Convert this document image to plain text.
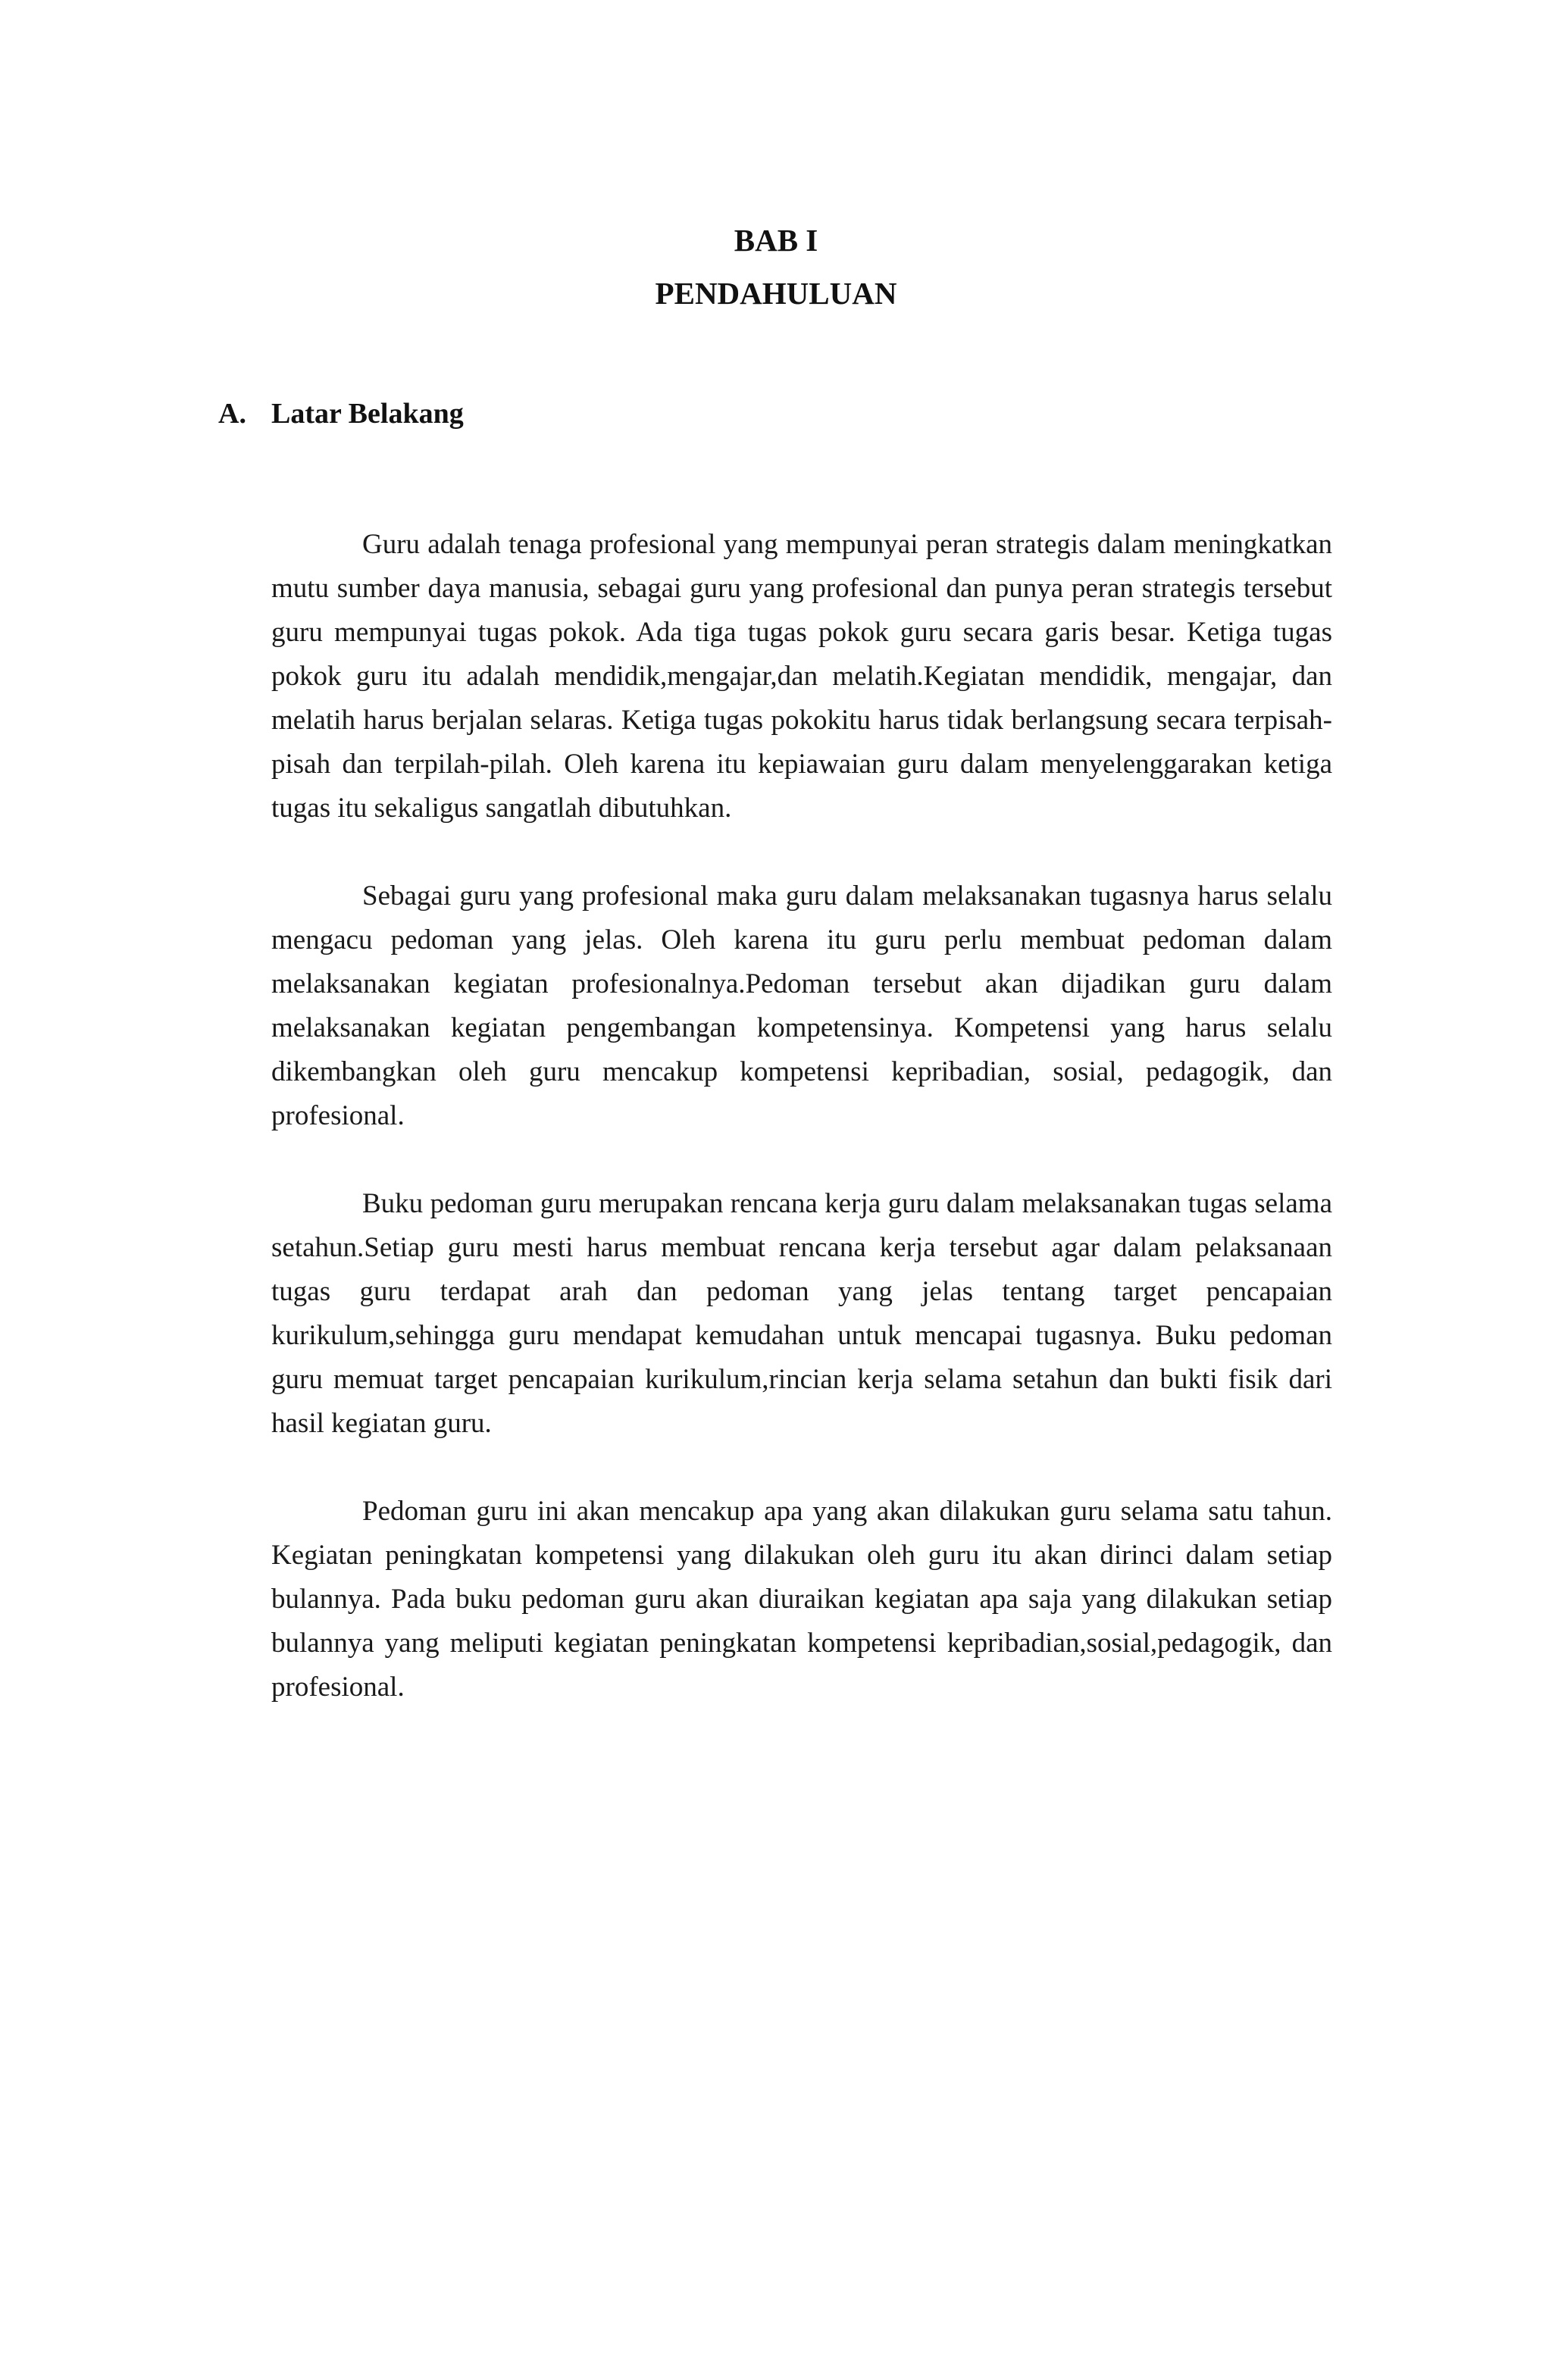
BAB I
PENDAHULUAN
A. Latar Belakang

Guru adalah tenaga profesional yang mempunyai peran strategis dalam meningkatkan mutu sumber daya manusia, sebagai guru yang profesional dan punya peran strategis tersebut guru mempunyai tugas pokok. Ada tiga tugas pokok guru secara garis besar. Ketiga tugas pokok guru itu adalah mendidik,mengajar,dan melatih.Kegiatan mendidik, mengajar, dan melatih harus berjalan selaras. Ketiga tugas pokokitu harus tidak berlangsung secara terpisah-pisah dan terpilah-pilah. Oleh karena itu kepiawaian guru dalam menyelenggarakan ketiga tugas itu sekaligus sangatlah dibutuhkan.

Sebagai guru yang profesional maka guru dalam melaksanakan tugasnya harus selalu mengacu pedoman yang jelas. Oleh karena itu guru perlu membuat pedoman dalam melaksanakan kegiatan profesionalnya.Pedoman tersebut akan dijadikan guru dalam melaksanakan kegiatan pengembangan kompetensinya. Kompetensi yang harus selalu dikembangkan oleh guru mencakup kompetensi kepribadian, sosial, pedagogik, dan profesional.

Buku pedoman guru merupakan rencana kerja guru dalam melaksanakan tugas selama setahun.Setiap guru mesti harus membuat rencana kerja tersebut agar dalam pelaksanaan tugas guru terdapat arah dan pedoman yang jelas tentang target pencapaian kurikulum,sehingga guru mendapat kemudahan untuk mencapai tugasnya. Buku pedoman guru memuat target pencapaian kurikulum,rincian kerja selama setahun dan bukti fisik dari hasil kegiatan guru.

Pedoman guru ini akan mencakup apa yang akan dilakukan guru selama satu tahun. Kegiatan peningkatan kompetensi yang dilakukan oleh guru itu akan dirinci dalam setiap bulannya. Pada buku pedoman guru akan diuraikan kegiatan apa saja yang dilakukan setiap bulannya yang meliputi kegiatan peningkatan kompetensi kepribadian,sosial,pedagogik, dan profesional.
